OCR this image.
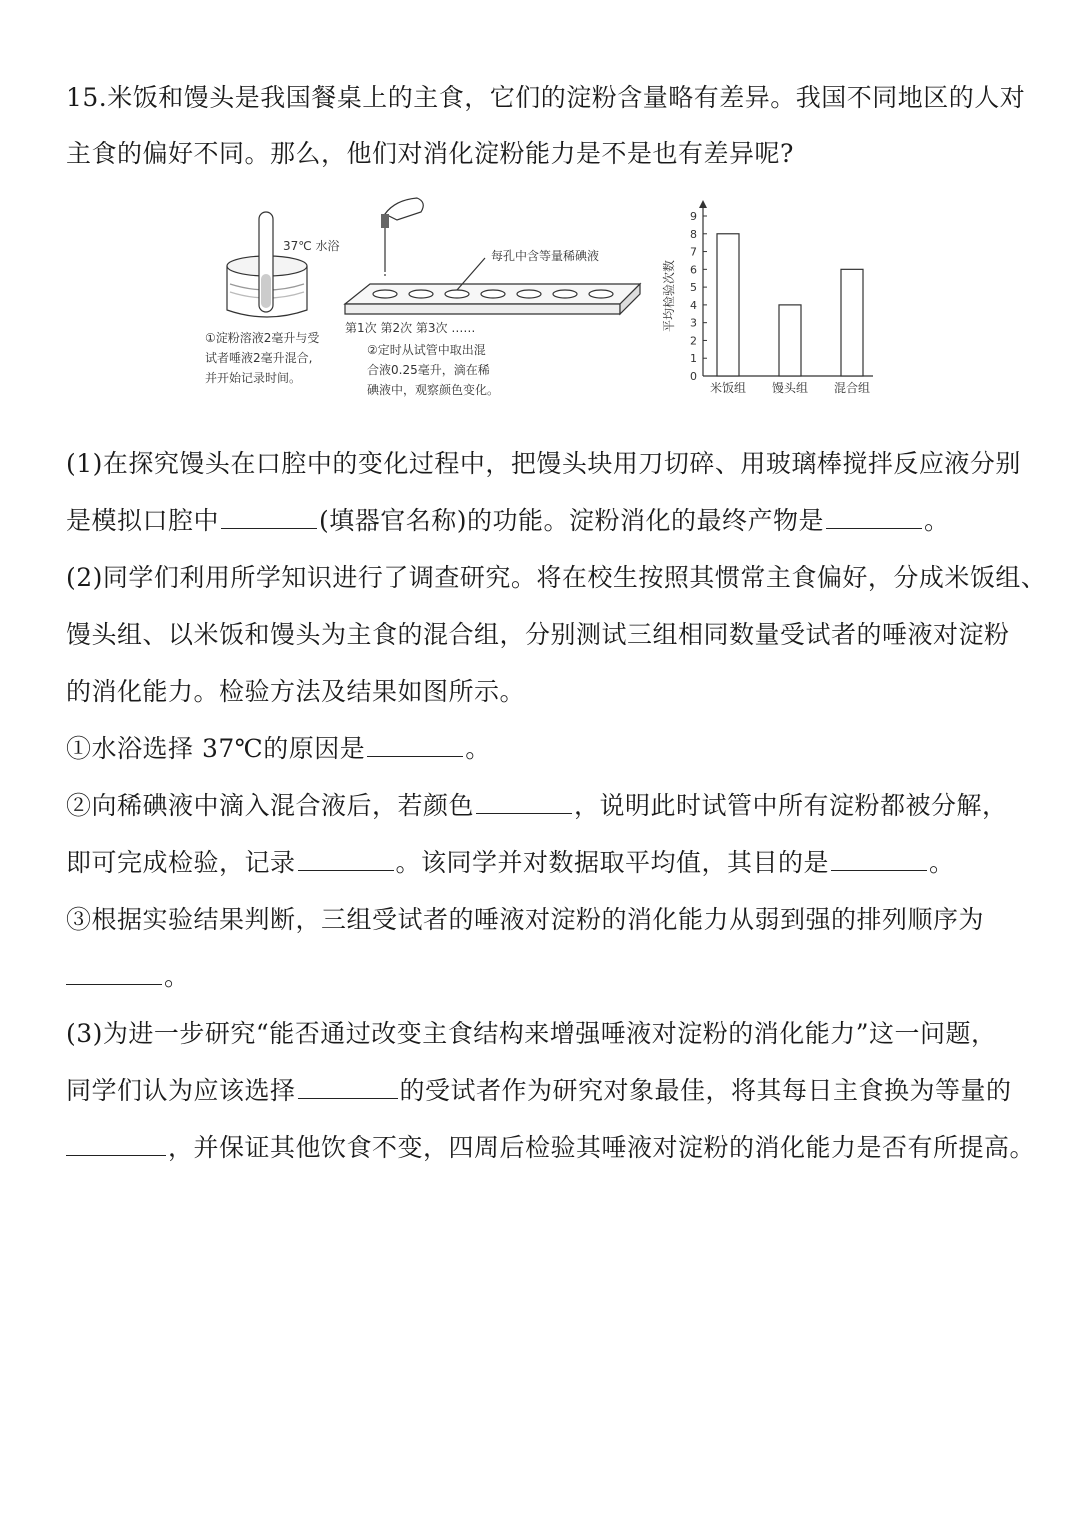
15.米饭和馒头是我国餐桌上的主食，它们的淀粉含量略有差异。我国不同地区的人对
主食的偏好不同。那么，他们对消化淀粉能力是不是也有差异呢?
37℃ 水浴
①淀粉溶液2毫升与受
试者唾液2毫升混合,
并开始记录时间。
每孔中含等量稀碘液
第1次 第2次 第3次 ……
②定时从试管中取出混
合液0.25毫升，滴在稀
碘液中，观察颜色变化。
0
1
2
3
4
5
6
7
8
9
平均检验次数
米饭组 馒头组 混合组
(1)在探究馒头在口腔中的变化过程中，把馒头块用刀切碎、用玻璃棒搅拌反应液分别
是模拟口腔中	(填器官名称)的功能。淀粉消化的最终产物是	。
(2)同学们利用所学知识进行了调查研究。将在校生按照其惯常主食偏好，分成米饭组、
馒头组、以米饭和馒头为主食的混合组，分别测试三组相同数量受试者的唾液对淀粉
的消化能力。检验方法及结果如图所示。
①水浴选择 37℃的原因是	。
②向稀碘液中滴入混合液后，若颜色	，说明此时试管中所有淀粉都被分解，
即可完成检验，记录	。该同学并对数据取平均值，其目的是	。
③根据实验结果判断，三组受试者的唾液对淀粉的消化能力从弱到强的排列顺序为
。
(3)为进一步研究“能否通过改变主食结构来增强唾液对淀粉的消化能力”这一问题，
同学们认为应该选择	的受试者作为研究对象最佳，将其每日主食换为等量的
，并保证其他饮食不变，四周后检验其唾液对淀粉的消化能力是否有所提高。
